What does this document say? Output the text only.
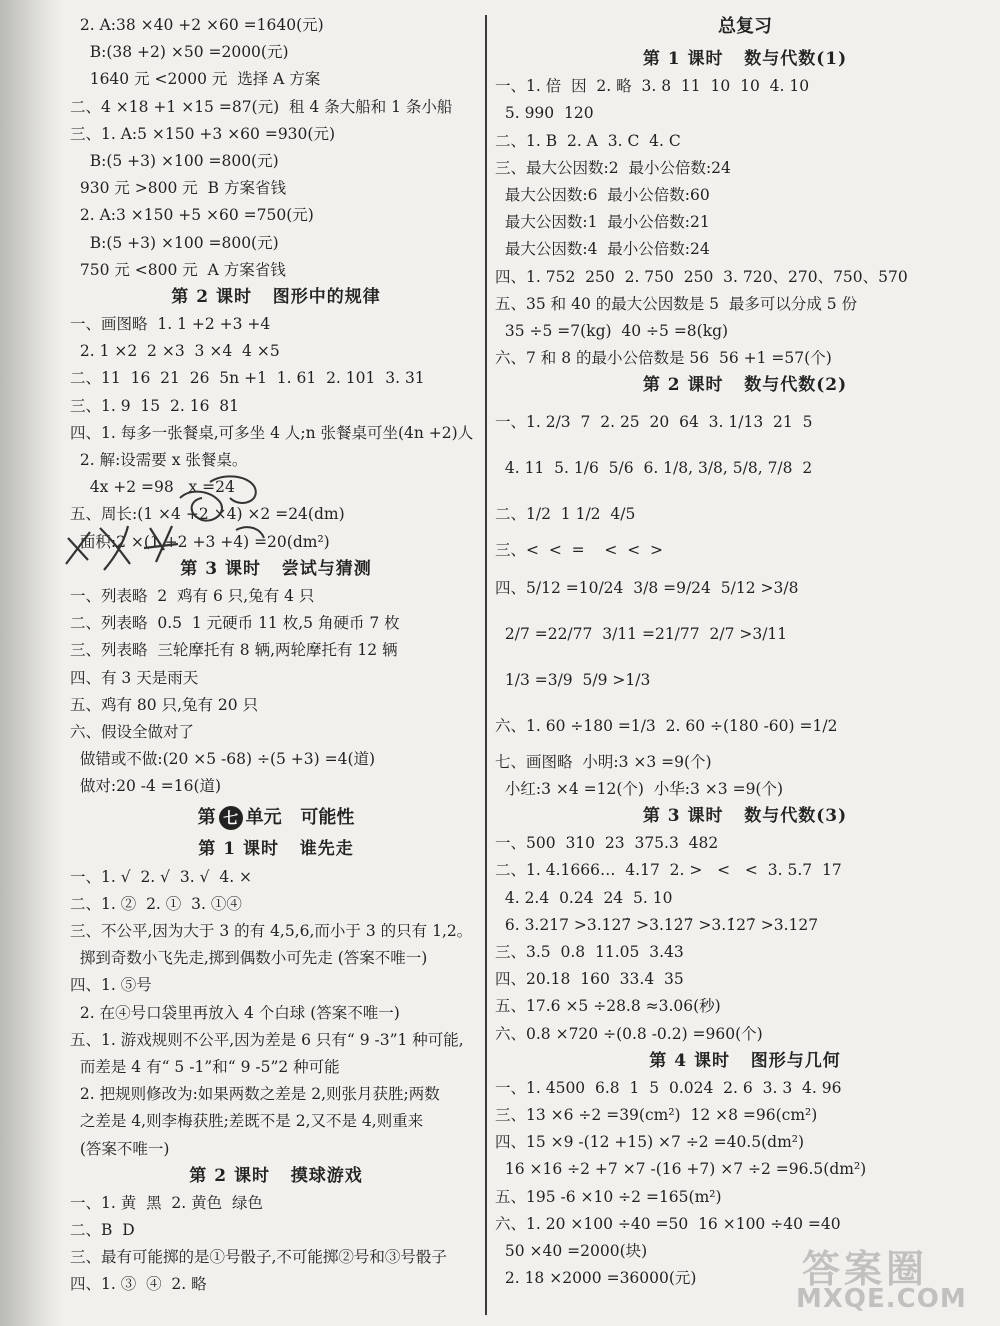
2. A:38 ×40 +2 ×60 =1640(元)
B:(38 +2) ×50 =2000(元)
1640 元 <2000 元  选择 A 方案
二、4 ×18 +1 ×15 =87(元)  租 4 条大船和 1 条小船
三、1. A:5 ×150 +3 ×60 =930(元)
B:(5 +3) ×100 =800(元)
930 元 >800 元  B 方案省钱
2. A:3 ×150 +5 ×60 =750(元)
B:(5 +3) ×100 =800(元)
750 元 <800 元  A 方案省钱
第 2 课时   图形中的规律
一、画图略  1. 1 +2 +3 +4
2. 1 ×2  2 ×3  3 ×4  4 ×5
二、11  16  21  26  5n +1  1. 61  2. 101  3. 31
三、1. 9  15  2. 16  81
四、1. 每多一张餐桌,可多坐 4 人;n 张餐桌可坐(4n +2)人
2. 解:设需要 x 张餐桌。
4x +2 =98   x =24
五、周长:(1 ×4 +2 ×4) ×2 =24(dm)
面积:2 ×(1 +2 +3 +4) =20(dm²)
第 3 课时   尝试与猜测
一、列表略  2  鸡有 6 只,兔有 4 只
二、列表略  0.5  1 元硬币 11 枚,5 角硬币 7 枚
三、列表略  三轮摩托有 8 辆,两轮摩托有 12 辆
四、有 3 天是雨天
五、鸡有 80 只,兔有 20 只
六、假设全做对了
做错或不做:(20 ×5 -68) ÷(5 +3) =4(道)
做对:20 -4 =16(道)
第 七 单元   可能性
第 1 课时   谁先走
一、1. √  2. √  3. √  4. ×
二、1. ②  2. ①  3. ①④
三、不公平,因为大于 3 的有 4,5,6,而小于 3 的只有 1,2。
掷到奇数小飞先走,掷到偶数小可先走 (答案不唯一)
四、1. ⑤号
2. 在④号口袋里再放入 4 个白球 (答案不唯一)
五、1. 游戏规则不公平,因为差是 6 只有“ 9 -3”1 种可能,
而差是 4 有“ 5 -1”和“ 9 -5”2 种可能
2. 把规则修改为:如果两数之差是 2,则张月获胜;两数
之差是 4,则李梅获胜;差既不是 2,又不是 4,则重来
(答案不唯一)
第 2 课时   摸球游戏
一、1. 黄  黑  2. 黄色  绿色
二、B  D
三、最有可能掷的是①号骰子,不可能掷②号和③号骰子
四、1. ③  ④  2. 略
总复习
第 1 课时   数与代数(1)
一、1. 倍  因  2. 略  3. 8  11  10  10  4. 10
5. 990  120
二、1. B  2. A  3. C  4. C
三、最大公因数:2  最小公倍数:24
最大公因数:6  最小公倍数:60
最大公因数:1  最小公倍数:21
最大公因数:4  最小公倍数:24
四、1. 752  250  2. 750  250  3. 720、270、750、570
五、35 和 40 的最大公因数是 5  最多可以分成 5 份
35 ÷5 =7(kg)  40 ÷5 =8(kg)
六、7 和 8 的最小公倍数是 56  56 +1 =57(个)
第 2 课时   数与代数(2)
一、1. 2/3  7  2. 25  20  64  3. 1/13  21  5
4. 11  5. 1/6  5/6  6. 1/8, 3/8, 5/8, 7/8  2
二、1/2  1 1/2  4/5
三、<  <  =    <  <  >
四、5/12 =10/24  3/8 =9/24  5/12 >3/8
2/7 =22/77  3/11 =21/77  2/7 >3/11
1/3 =3/9  5/9 >1/3
六、1. 60 ÷180 =1/3  2. 60 ÷(180 -60) =1/2
七、画图略  小明:3 ×3 =9(个)
小红:3 ×4 =12(个)  小华:3 ×3 =9(个)
第 3 课时   数与代数(3)
一、500  310  23  375.3  482
二、1. 4.1666…  4.17  2. >   <   <  3. 5.7  17
4. 2.4  0.24  24  5. 10
6. 3.217 >3.127̇ >3.12̇7̇ >3.1̇27̇ >3.127
三、3.5  0.8  11.05  3.43
四、20.18  160  33.4  35
五、17.6 ×5 ÷28.8 ≈3.06(秒)
六、0.8 ×720 ÷(0.8 -0.2) =960(个)
第 4 课时   图形与几何
一、1. 4500  6.8  1  5  0.024  2. 6  3. 3  4. 96
三、13 ×6 ÷2 =39(cm²)  12 ×8 =96(cm²)
四、15 ×9 -(12 +15) ×7 ÷2 =40.5(dm²)
16 ×16 ÷2 +7 ×7 -(16 +7) ×7 ÷2 =96.5(dm²)
五、195 -6 ×10 ÷2 =165(m²)
六、1. 20 ×100 ÷40 =50  16 ×100 ÷40 =40
50 ×40 =2000(块)
2. 18 ×2000 =36000(元)	答案圈
MXQE.COM
